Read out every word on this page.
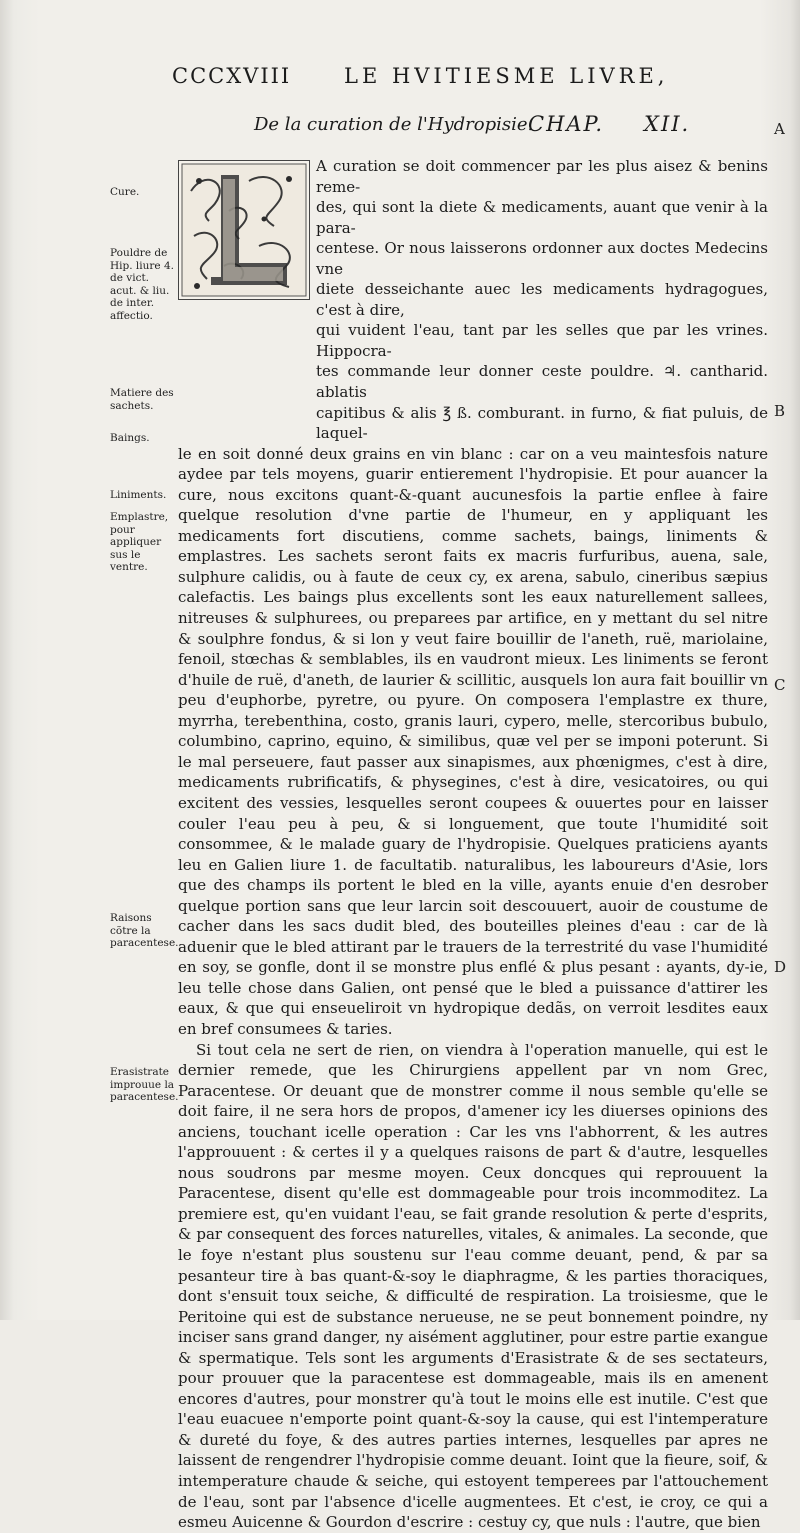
CCCXVIII	LE HVITIESME LIVRE,
De la curation de l'Hydropisie.
CHAP. XII.	A
B
C
D
Cure.
Pouldre de Hip. liure 4. de vict. acut. & liu. de inter. affectio.
Matiere des sachets.
Baings.
Liniments.
Emplastre, pour appliquer sus le ventre.
Raisons cõtre la paracentese.
Erasistrate improuue la paracentese.

A curation se doit commencer par les plus aisez & benins reme-

des, qui sont la diete & medicaments, auant que venir à la para-

centese. Or nous laisserons ordonner aux doctes Medecins vne

diete desseichante auec les medicaments hydragogues, c'est à dire,

qui vuident l'eau, tant par les selles que par les vrines. Hippocra-

tes commande leur donner ceste pouldre. ♃. cantharid. ablatis

capitibus & alis ℥ ß. comburant. in furno, & fiat puluis, de laquel-

le en soit donné deux grains en vin blanc : car on a veu maintesfois nature aydee par tels moyens, guarir entierement l'hydropisie. Et pour auancer la cure, nous excitons quant-&-quant aucunesfois la partie enflee à faire quelque resolution d'vne partie de l'humeur, en y appliquant les medicaments fort discutiens, comme sachets, baings, liniments & emplastres. Les sachets seront faits ex macris furfuribus, auena, sale, sulphure calidis, ou à faute de ceux cy, ex arena, sabulo, cineribus sæpius calefactis. Les baings plus excellents sont les eaux naturellement sallees, nitreuses & sulphurees, ou preparees par artifice, en y mettant du sel nitre & soulphre fondus, & si lon y veut faire bouillir de l'aneth, ruë, mariolaine, fenoil, stœchas & semblables, ils en vaudront mieux. Les liniments se feront d'huile de ruë, d'aneth, de laurier & scillitic, ausquels lon aura fait bouillir vn peu d'euphorbe, pyretre, ou pyure. On composera l'emplastre ex thure, myrrha, terebenthina, costo, granis lauri, cypero, melle, stercoribus bubulo, columbino, caprino, equino, & similibus, quæ vel per se imponi poterunt. Si le mal perseuere, faut passer aux sinapismes, aux phœnigmes, c'est à dire, medicaments rubrificatifs, & physegines, c'est à dire, vesicatoires, ou qui excitent des vessies, lesquelles seront coupees & ouuertes pour en laisser couler l'eau peu à peu, & si longuement, que toute l'humidité soit consommee, & le malade guary de l'hydropisie. Quelques praticiens ayants leu en Galien liure 1. de facultatib. naturalibus, les laboureurs d'Asie, lors que des champs ils portent le bled en la ville, ayants enuie d'en desrober quelque portion sans que leur larcin soit descouuert, auoir de coustume de cacher dans les sacs dudit bled, des bouteilles pleines d'eau : car de là aduenir que le bled attirant par le trauers de la terrestrité du vase l'humidité en soy, se gonfle, dont il se monstre plus enflé & plus pesant : ayants, dy-ie, leu telle chose dans Galien, ont pensé que le bled a puissance d'attirer les eaux, & que qui enseueliroit vn hydropique dedãs, on verroit lesdites eaux en bref consumees & taries.

Si tout cela ne sert de rien, on viendra à l'operation manuelle, qui est le dernier remede, que les Chirurgiens appellent par vn nom Grec, Paracentese. Or deuant que de monstrer comme il nous semble qu'elle se doit faire, il ne sera hors de propos, d'amener icy les diuerses opinions des anciens, touchant icelle operation : Car les vns l'abhorrent, & les autres l'approuuent : & certes il y a quelques raisons de part & d'autre, lesquelles nous soudrons par mesme moyen. Ceux doncques qui reprouuent la Paracentese, disent qu'elle est dommageable pour trois incommoditez. La premiere est, qu'en vuidant l'eau, se fait grande resolution & perte d'esprits, & par consequent des forces naturelles, vitales, & animales. La seconde, que le foye n'estant plus soustenu sur l'eau comme deuant, pend, & par sa pesanteur tire à bas quant-&-soy le diaphragme, & les parties thoraciques, dont s'ensuit toux seiche, & difficulté de respiration. La troisiesme, que le Peritoine qui est de substance nerueuse, ne se peut bonnement poindre, ny inciser sans grand danger, ny aisément agglutiner, pour estre partie exangue & spermatique. Tels sont les arguments d'Erasistrate & de ses sectateurs, pour prouuer que la paracentese est dommageable, mais ils en amenent encores d'autres, pour monstrer qu'à tout le moins elle est inutile. C'est que l'eau euacuee n'emporte point quant-&-soy la cause, qui est l'intemperature & dureté du foye, & des autres parties internes, lesquelles par apres ne laissent de rengendrer l'hydropisie comme deuant. Ioint que la fieure, soif, & intemperature chaude & seiche, qui estoyent temperees par l'attouchement de l'eau, sont par l'absence d'icelle augmentees. Et c'est, ie croy, ce qui a esmeu Auicenne & Gourdon d'escrire : cestuy cy, que nuls : l'autre, que bien
